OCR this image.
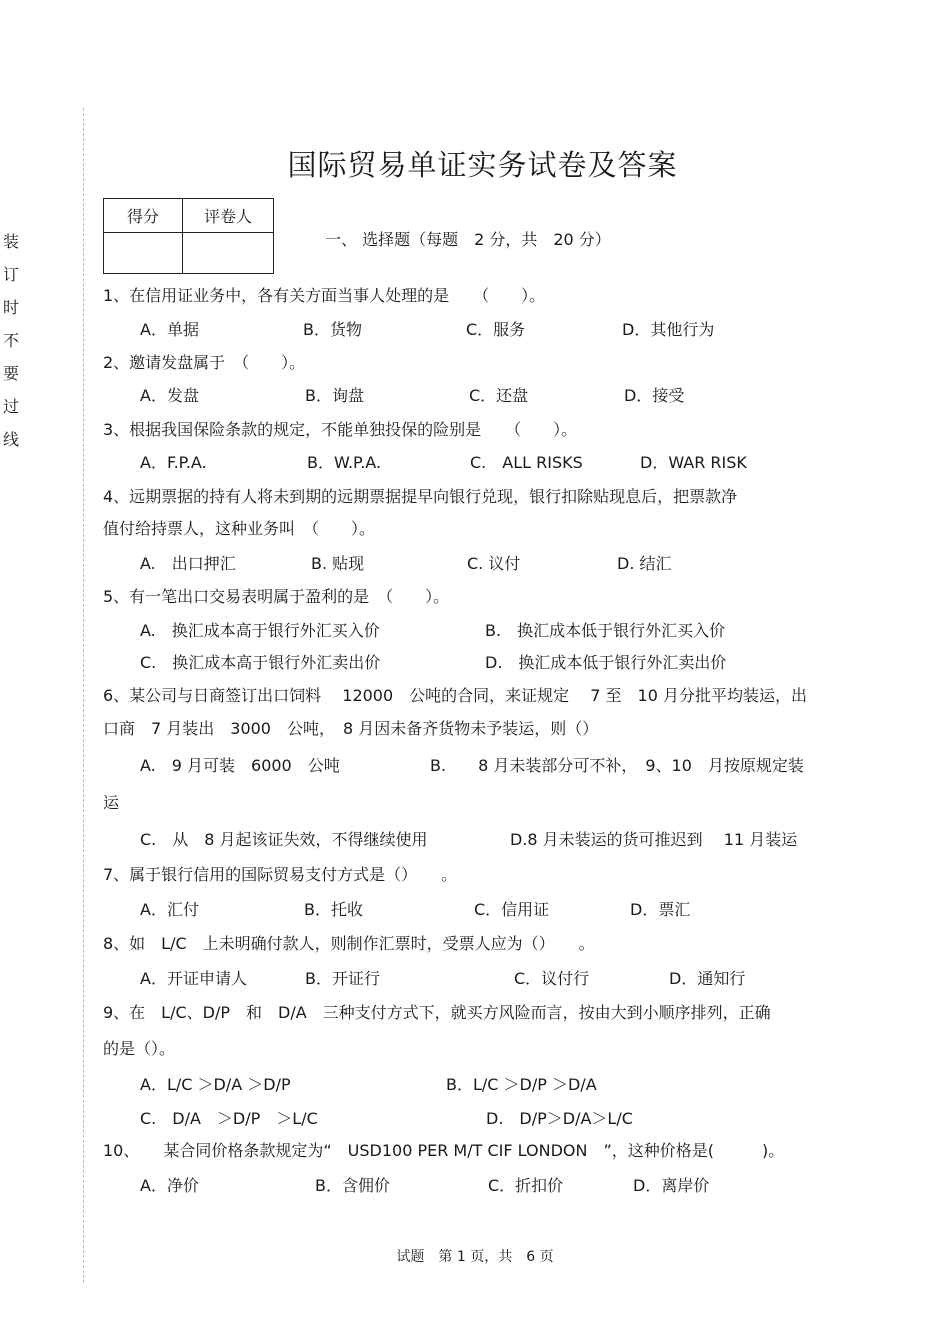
装
订
时
不
要
过
线
国际贸易单证实务试卷及答案
得分	评卷人

一、 选择题（每题　2 分，共　20 分）
1、在信用证业务中，各有关方面当事人处理的是　　（　　）。
A．单据	B．货物	C．服务	D．其他行为
2、邀请发盘属于　（　　）。
A．发盘	B．询盘	C．还盘	D．接受
3、根据我国保险条款的规定，不能单独投保的险别是　　（　　）。
A．F.P.A.	B．W.P.A.	C.　ALL RISKS	D．WAR RISK
4、远期票据的持有人将未到期的远期票据提早向银行兑现，银行扣除贴现息后，把票款净
值付给持票人，这种业务叫　（　　）。
A.　出口押汇	B. 贴现	C. 议付	D. 结汇
5、有一笔出口交易表明属于盈利的是　（　　）。
A.　换汇成本高于银行外汇买入价	B.　换汇成本低于银行外汇买入价
C.　换汇成本高于银行外汇卖出价	D.　换汇成本低于银行外汇卖出价
6、某公司与日商签订出口饲料　 12000　公吨的合同，来证规定　 7 至　10 月分批平均装运，出
口商　7 月装出　3000　公吨，　8 月因未备齐货物未予装运，则（）
A.　9 月可装　6000　公吨	B.　　8 月未装部分可不补，　9、10　月按原规定装
运
C.　从　8 月起该证失效，不得继续使用	D.8 月未装运的货可推迟到　 11 月装运
7、属于银行信用的国际贸易支付方式是（）　　。
A．汇付	B．托收	C．信用证	D．票汇
8、如　L/C　上未明确付款人，则制作汇票时，受票人应为（）　　。
A．开证申请人	B．开证行	C．议付行	D．通知行
9、在　L/C、D/P　和　D/A　三种支付方式下，就买方风险而言，按由大到小顺序排列，正确
的是（）。
A．L/C ＞D/A ＞D/P	B．L/C ＞D/P ＞D/A
C.　D/A　＞D/P　＞L/C	D.　D/P＞D/A＞L/C
10、　　某合同价格条款规定为“　USD100 PER M/T CIF LONDON　”，这种价格是(　　　)。
A．净价	B．含佣价	C．折扣价	D．离岸价
试题　第 1 页，共　6 页
